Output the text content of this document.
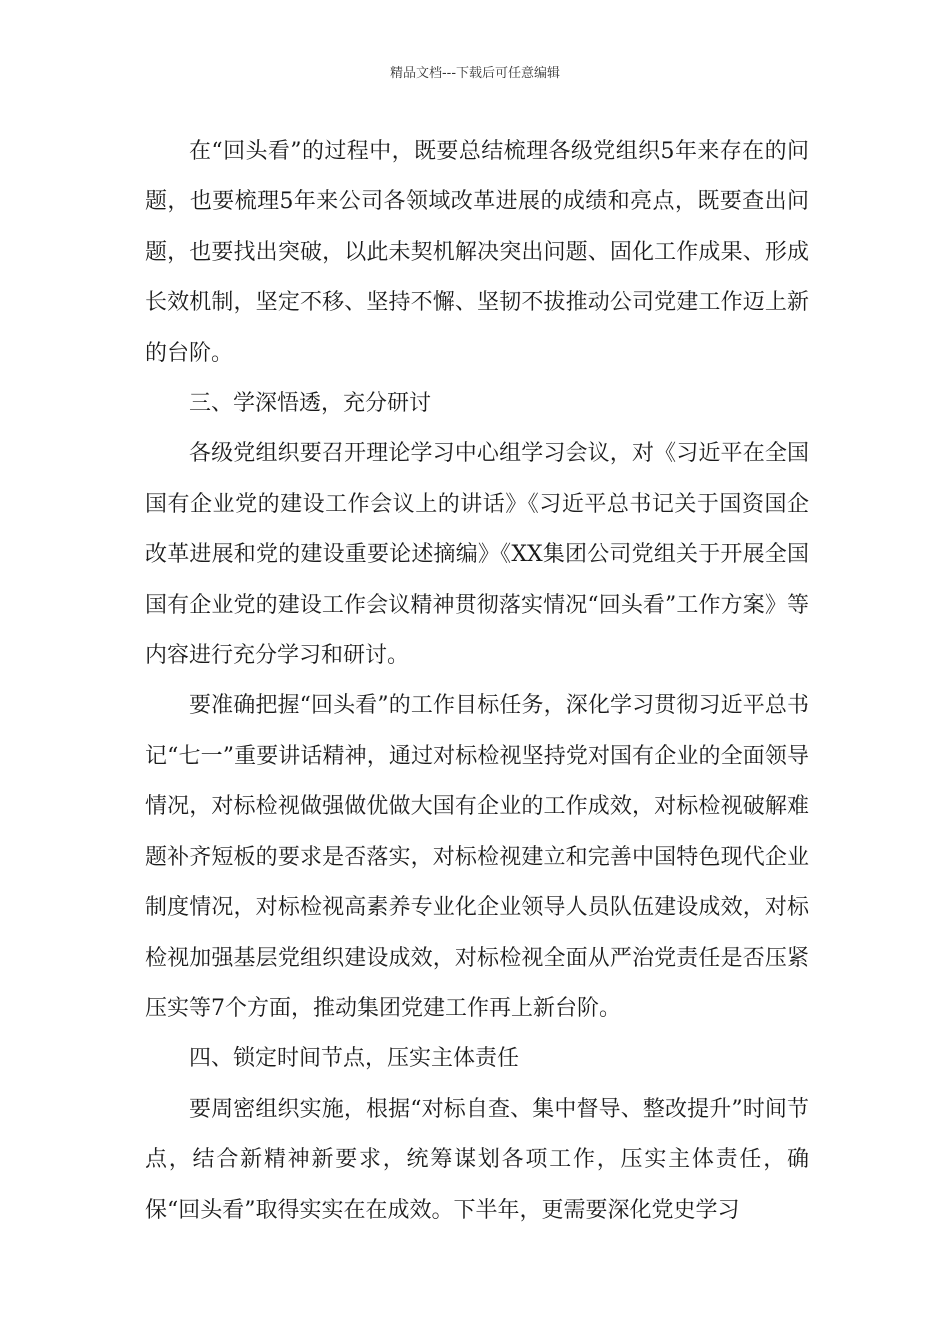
精品文档---下载后可任意编辑

在“回头看”的过程中，既要总结梳理各级党组织5年来存在的问题，也要梳理5年来公司各领域改革进展的成绩和亮点，既要查出问题，也要找出突破，以此未契机解决突出问题、固化工作成果、形成长效机制，坚定不移、坚持不懈、坚韧不拔推动公司党建工作迈上新的台阶。

三、学深悟透，充分研讨

各级党组织要召开理论学习中心组学习会议，对《习近平在全国国有企业党的建设工作会议上的讲话》《习近平总书记关于国资国企改革进展和党的建设重要论述摘编》《XX集团公司党组关于开展全国国有企业党的建设工作会议精神贯彻落实情况“回头看”工作方案》等内容进行充分学习和研讨。

要准确把握“回头看”的工作目标任务，深化学习贯彻习近平总书记“七一”重要讲话精神，通过对标检视坚持党对国有企业的全面领导情况，对标检视做强做优做大国有企业的工作成效，对标检视破解难题补齐短板的要求是否落实，对标检视建立和完善中国特色现代企业制度情况，对标检视高素养专业化企业领导人员队伍建设成效，对标检视加强基层党组织建设成效，对标检视全面从严治党责任是否压紧压实等7个方面，推动集团党建工作再上新台阶。

四、锁定时间节点，压实主体责任

要周密组织实施，根据“对标自查、集中督导、整改提升”时间节点，结合新精神新要求，统筹谋划各项工作，压实主体责任，确保“回头看”取得实实在在成效。下半年，更需要深化党史学习
